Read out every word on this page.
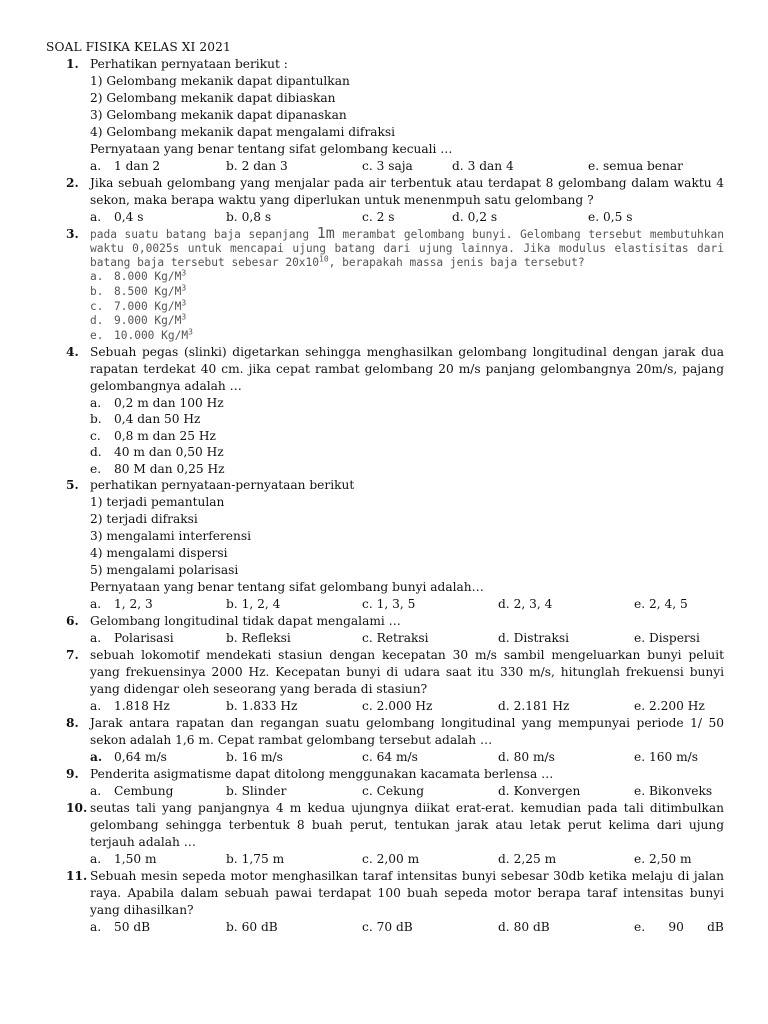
SOAL FISIKA KELAS XI 2021
1. Perhatikan pernyataan berikut :
1) Gelombang mekanik dapat dipantulkan
2) Gelombang mekanik dapat dibiaskan
3) Gelombang mekanik dapat dipanaskan
4) Gelombang mekanik dapat mengalami difraksi
Pernyataan yang benar tentang sifat gelombang kecuali …
a. 1 dan 2	b. 2 dan 3	c. 3 saja	d. 3 dan 4	e. semua benar
2. Jika sebuah gelombang yang menjalar pada air terbentuk atau terdapat 8 gelombang dalam waktu 4 sekon, maka berapa waktu yang diperlukan untuk menenmpuh satu gelombang ?
a. 0,4 s	b. 0,8 s	c. 2 s	d. 0,2 s	e. 0,5 s
3. pada suatu batang baja sepanjang 1m merambat gelombang bunyi. Gelombang tersebut membutuhkan waktu 0,0025s untuk mencapai ujung batang dari ujung lainnya. Jika modulus elastisitas dari batang baja tersebut sebesar $20x10^{10}$, berapakah massa jenis baja tersebut?
a. 8.000 $Kg/M^3$
b. 8.500 $Kg/M^3$
c. 7.000 $Kg/M^3$
d. 9.000 $Kg/M^3$
e. 10.000 $Kg/M^3$
4. Sebuah pegas (slinki) digetarkan sehingga menghasilkan gelombang longitudinal dengan jarak dua rapatan terdekat 40 cm. jika cepat rambat gelombang 20 m/s panjang gelombangnya 20m/s, pajang gelombangnya adalah …
a. 0,2 m dan 100 Hz
b. 0,4 dan 50 Hz
c. 0,8 m dan 25 Hz
d. 40 m dan 0,50 Hz
e. 80 M dan 0,25 Hz
5. perhatikan pernyataan-pernyataan berikut
1) terjadi pemantulan
2) terjadi difraksi
3) mengalami interferensi
4) mengalami dispersi
5) mengalami polarisasi
Pernyataan yang benar tentang sifat gelombang bunyi adalah…
a. 1, 2, 3	b. 1, 2, 4	c. 1, 3, 5	d. 2, 3, 4	e. 2, 4, 5
6. Gelombang longitudinal tidak dapat mengalami …
a. Polarisasi	b. Refleksi	c. Retraksi	d. Distraksi	e. Dispersi
7. sebuah lokomotif mendekati stasiun dengan kecepatan 30 m/s sambil mengeluarkan bunyi peluit yang frekuensinya 2000 Hz. Kecepatan bunyi di udara saat itu 330 m/s, hitunglah frekuensi bunyi yang didengar oleh seseorang yang berada di stasiun?
a. 1.818 Hz	b. 1.833 Hz	c. 2.000 Hz	d. 2.181 Hz	e. 2.200 Hz
8. Jarak antara rapatan dan regangan suatu gelombang longitudinal yang mempunyai periode 1/ 50 sekon adalah 1,6 m. Cepat rambat gelombang tersebut adalah …
a. 0,64 m/s	b. 16 m/s	c. 64 m/s	d. 80 m/s	e. 160 m/s
9. Penderita asigmatisme dapat ditolong menggunakan kacamata berlensa …
a. Cembung	b. Slinder	c. Cekung	d. Konvergen	e. Bikonveks
10. seutas tali yang panjangnya 4 m kedua ujungnya diikat erat-erat. kemudian pada tali ditimbulkan gelombang sehingga terbentuk 8 buah perut, tentukan jarak atau letak perut kelima dari ujung terjauh adalah …
a. 1,50 m	b. 1,75 m	c. 2,00 m	d. 2,25 m	e. 2,50 m
11. Sebuah mesin sepeda motor menghasilkan taraf intensitas bunyi sebesar 30db ketika melaju di jalan raya. Apabila dalam sebuah pawai terdapat 100 buah sepeda motor berapa taraf intensitas bunyi yang dihasilkan?
a. 50 dB	b. 60 dB	c. 70 dB	d. 80 dB	e. 90      dB
